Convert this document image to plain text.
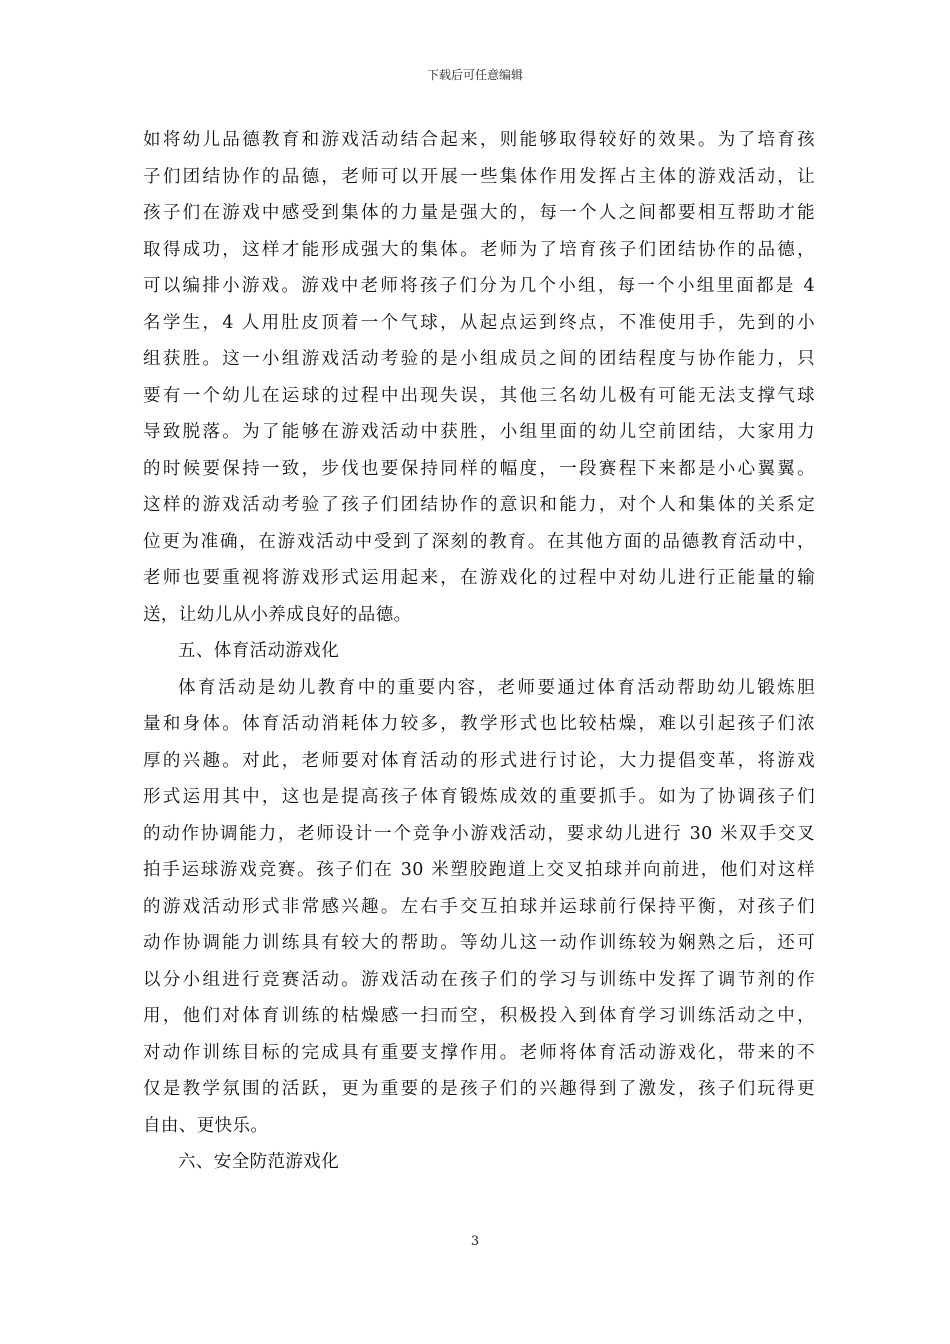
下载后可任意编辑
如将幼儿品德教育和游戏活动结合起来，则能够取得较好的效果。为了培育孩
子们团结协作的品德，老师可以开展一些集体作用发挥占主体的游戏活动，让
孩子们在游戏中感受到集体的力量是强大的，每一个人之间都要相互帮助才能
取得成功，这样才能形成强大的集体。老师为了培育孩子们团结协作的品德，
可以编排小游戏。游戏中老师将孩子们分为几个小组，每一个小组里面都是 4
名学生，4 人用肚皮顶着一个气球，从起点运到终点，不准使用手，先到的小
组获胜。这一小组游戏活动考验的是小组成员之间的团结程度与协作能力，只
要有一个幼儿在运球的过程中出现失误，其他三名幼儿极有可能无法支撑气球
导致脱落。为了能够在游戏活动中获胜，小组里面的幼儿空前团结，大家用力
的时候要保持一致，步伐也要保持同样的幅度，一段赛程下来都是小心翼翼。
这样的游戏活动考验了孩子们团结协作的意识和能力，对个人和集体的关系定
位更为准确，在游戏活动中受到了深刻的教育。在其他方面的品德教育活动中，
老师也要重视将游戏形式运用起来，在游戏化的过程中对幼儿进行正能量的输
送，让幼儿从小养成良好的品德。
五、体育活动游戏化
体育活动是幼儿教育中的重要内容，老师要通过体育活动帮助幼儿锻炼胆
量和身体。体育活动消耗体力较多，教学形式也比较枯燥，难以引起孩子们浓
厚的兴趣。对此，老师要对体育活动的形式进行讨论，大力提倡变革，将游戏
形式运用其中，这也是提高孩子体育锻炼成效的重要抓手。如为了协调孩子们
的动作协调能力，老师设计一个竞争小游戏活动，要求幼儿进行 30 米双手交叉
拍手运球游戏竞赛。孩子们在 30 米塑胶跑道上交叉拍球并向前进，他们对这样
的游戏活动形式非常感兴趣。左右手交互拍球并运球前行保持平衡，对孩子们
动作协调能力训练具有较大的帮助。等幼儿这一动作训练较为娴熟之后，还可
以分小组进行竞赛活动。游戏活动在孩子们的学习与训练中发挥了调节剂的作
用，他们对体育训练的枯燥感一扫而空，积极投入到体育学习训练活动之中，
对动作训练目标的完成具有重要支撑作用。老师将体育活动游戏化，带来的不
仅是教学氛围的活跃，更为重要的是孩子们的兴趣得到了激发，孩子们玩得更
自由、更快乐。
六、安全防范游戏化
3
